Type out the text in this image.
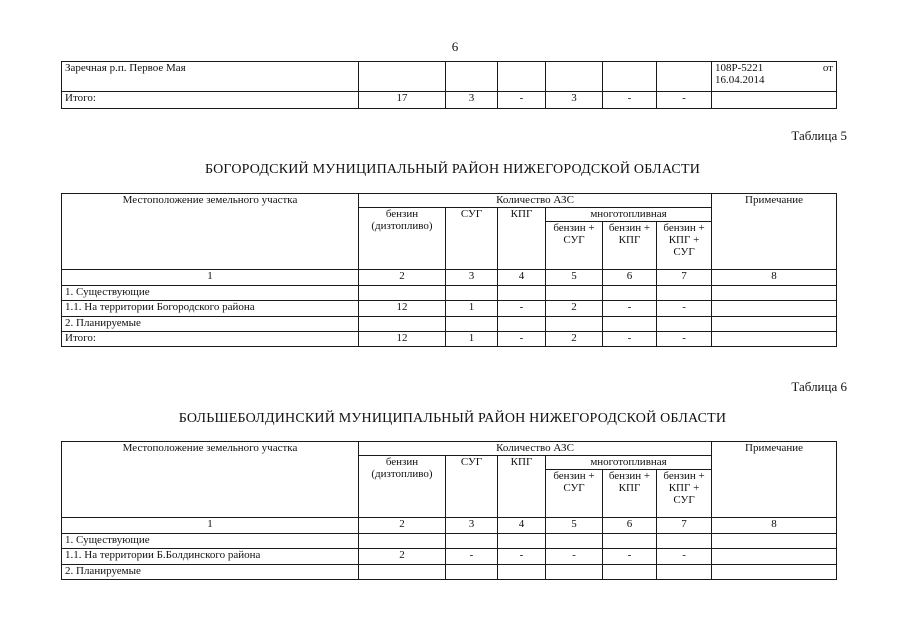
6
Заречная р.п. Первое Мая							108Р-5221 от
16.04.2014

Итого:	17	3	-	3	-	-	
Таблица 5
БОГОРОДСКИЙ МУНИЦИПАЛЬНЫЙ РАЙОН НИЖЕГОРОДСКОЙ ОБЛАСТИ
Местоположение земельного участка	Количество АЗС						Примечание
	бензин (дизтопливо)	СУГ	КПГ	многотопливная			
				бензин + СУГ	бензин + КПГ	бензин + КПГ + СУГ	
1	2	3	4	5	6	7	8
1. Существующие							
1.1. На территории Богородского района	12	1	-	2	-	-	
2. Планируемые							
Итого:	12	1	-	2	-	-	
Таблица 6
БОЛЬШЕБОЛДИНСКИЙ МУНИЦИПАЛЬНЫЙ РАЙОН НИЖЕГОРОДСКОЙ ОБЛАСТИ
Местоположение земельного участка	Количество АЗС						Примечание
	бензин (дизтопливо)	СУГ	КПГ	многотопливная			
				бензин + СУГ	бензин + КПГ	бензин + КПГ + СУГ	
1	2	3	4	5	6	7	8
1. Существующие							
1.1. На территории Б.Болдинского района	2	-	-	-	-	-	
2. Планируемые							
